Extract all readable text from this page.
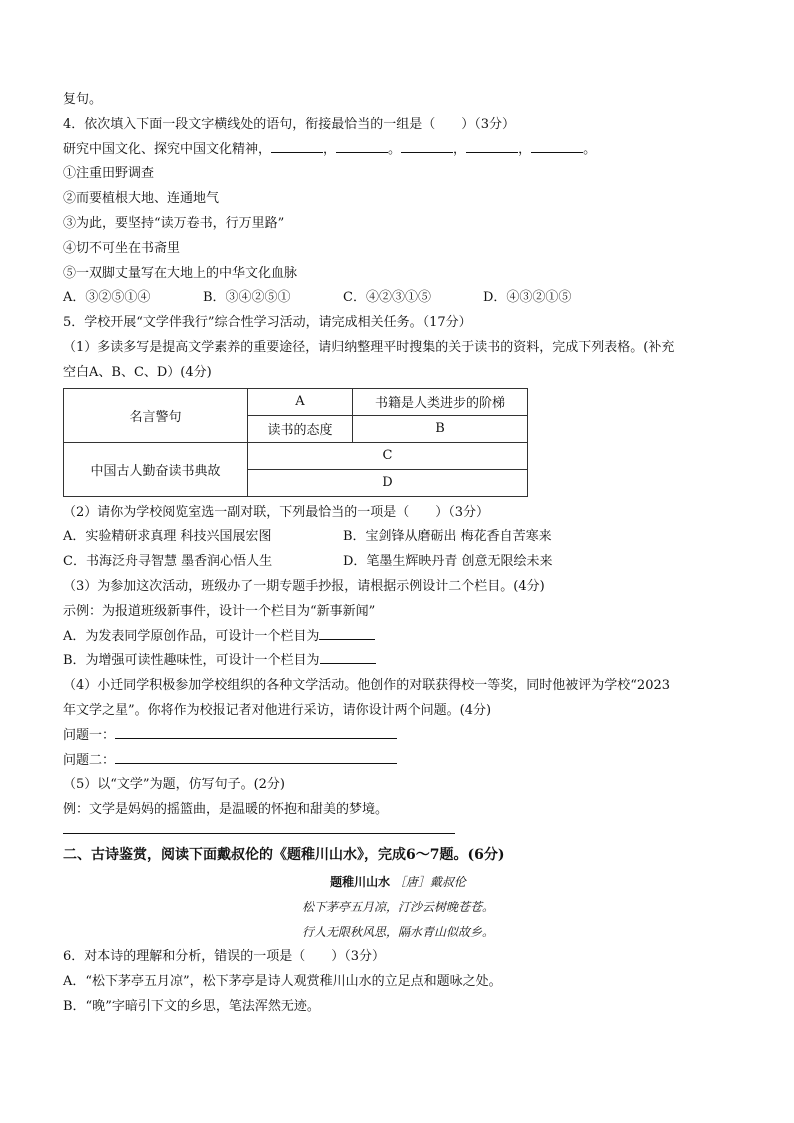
复句。
4．依次填入下面一段文字横线处的语句，衔接最恰当的一组是（　　）（3分）
研究中国文化、探究中国文化精神，	，	。	，	，	。
①注重田野调查
②而要植根大地、连通地气
③为此，要坚持“读万卷书，行万里路”
④切不可坐在书斋里
⑤一双脚丈量写在大地上的中华文化血脉
A．③②⑤①④	B．③④②⑤①	C．④②③①⑤	D．④③②①⑤
5．学校开展“文学伴我行”综合性学习活动，请完成相关任务。（17分）
（1）多读多写是提高文学素养的重要途径，请归纳整理平时搜集的关于读书的资料，完成下列表格。(补充
空白A、B、C、D）(4分)
名言警句	A	书籍是人类进步的阶梯
	读书的态度	B
中国古人勤奋读书典故	C	
	D	
（2）请你为学校阅览室选一副对联，下列最恰当的一项是（　　）（3分）
A．实验精研求真理 科技兴国展宏图	B．宝剑锋从磨砺出 梅花香自苦寒来
C．书海泛舟寻智慧 墨香润心悟人生	D．笔墨生辉映丹青 创意无限绘未来
（3）为参加这次活动，班级办了一期专题手抄报，请根据示例设计二个栏目。(4分)
示例：为报道班级新事件，设计一个栏目为“新事新闻”
A．为发表同学原创作品，可设计一个栏目为
B．为增强可读性趣味性，可设计一个栏目为
（4）小迁同学积极参加学校组织的各种文学活动。他创作的对联获得校一等奖，同时他被评为学校“2023
年文学之星”。你将作为校报记者对他进行采访，请你设计两个问题。(4分)
问题一：
问题二：
（5）以“文学”为题，仿写句子。(2分)
例：文学是妈妈的摇篮曲，是温暖的怀抱和甜美的梦境。
二、古诗鉴赏，阅读下面戴叔伦的《题稚川山水》，完成6～7题。(6分)
题稚川山水 ［唐］戴叔伦
松下茅亭五月凉，汀沙云树晚苍苍。
行人无限秋风思，隔水青山似故乡。
6．对本诗的理解和分析，错误的一项是（　　）（3分）
A．“松下茅亭五月凉”，松下茅亭是诗人观赏稚川山水的立足点和题咏之处。
B．“晚”字暗引下文的乡思，笔法浑然无迹。
